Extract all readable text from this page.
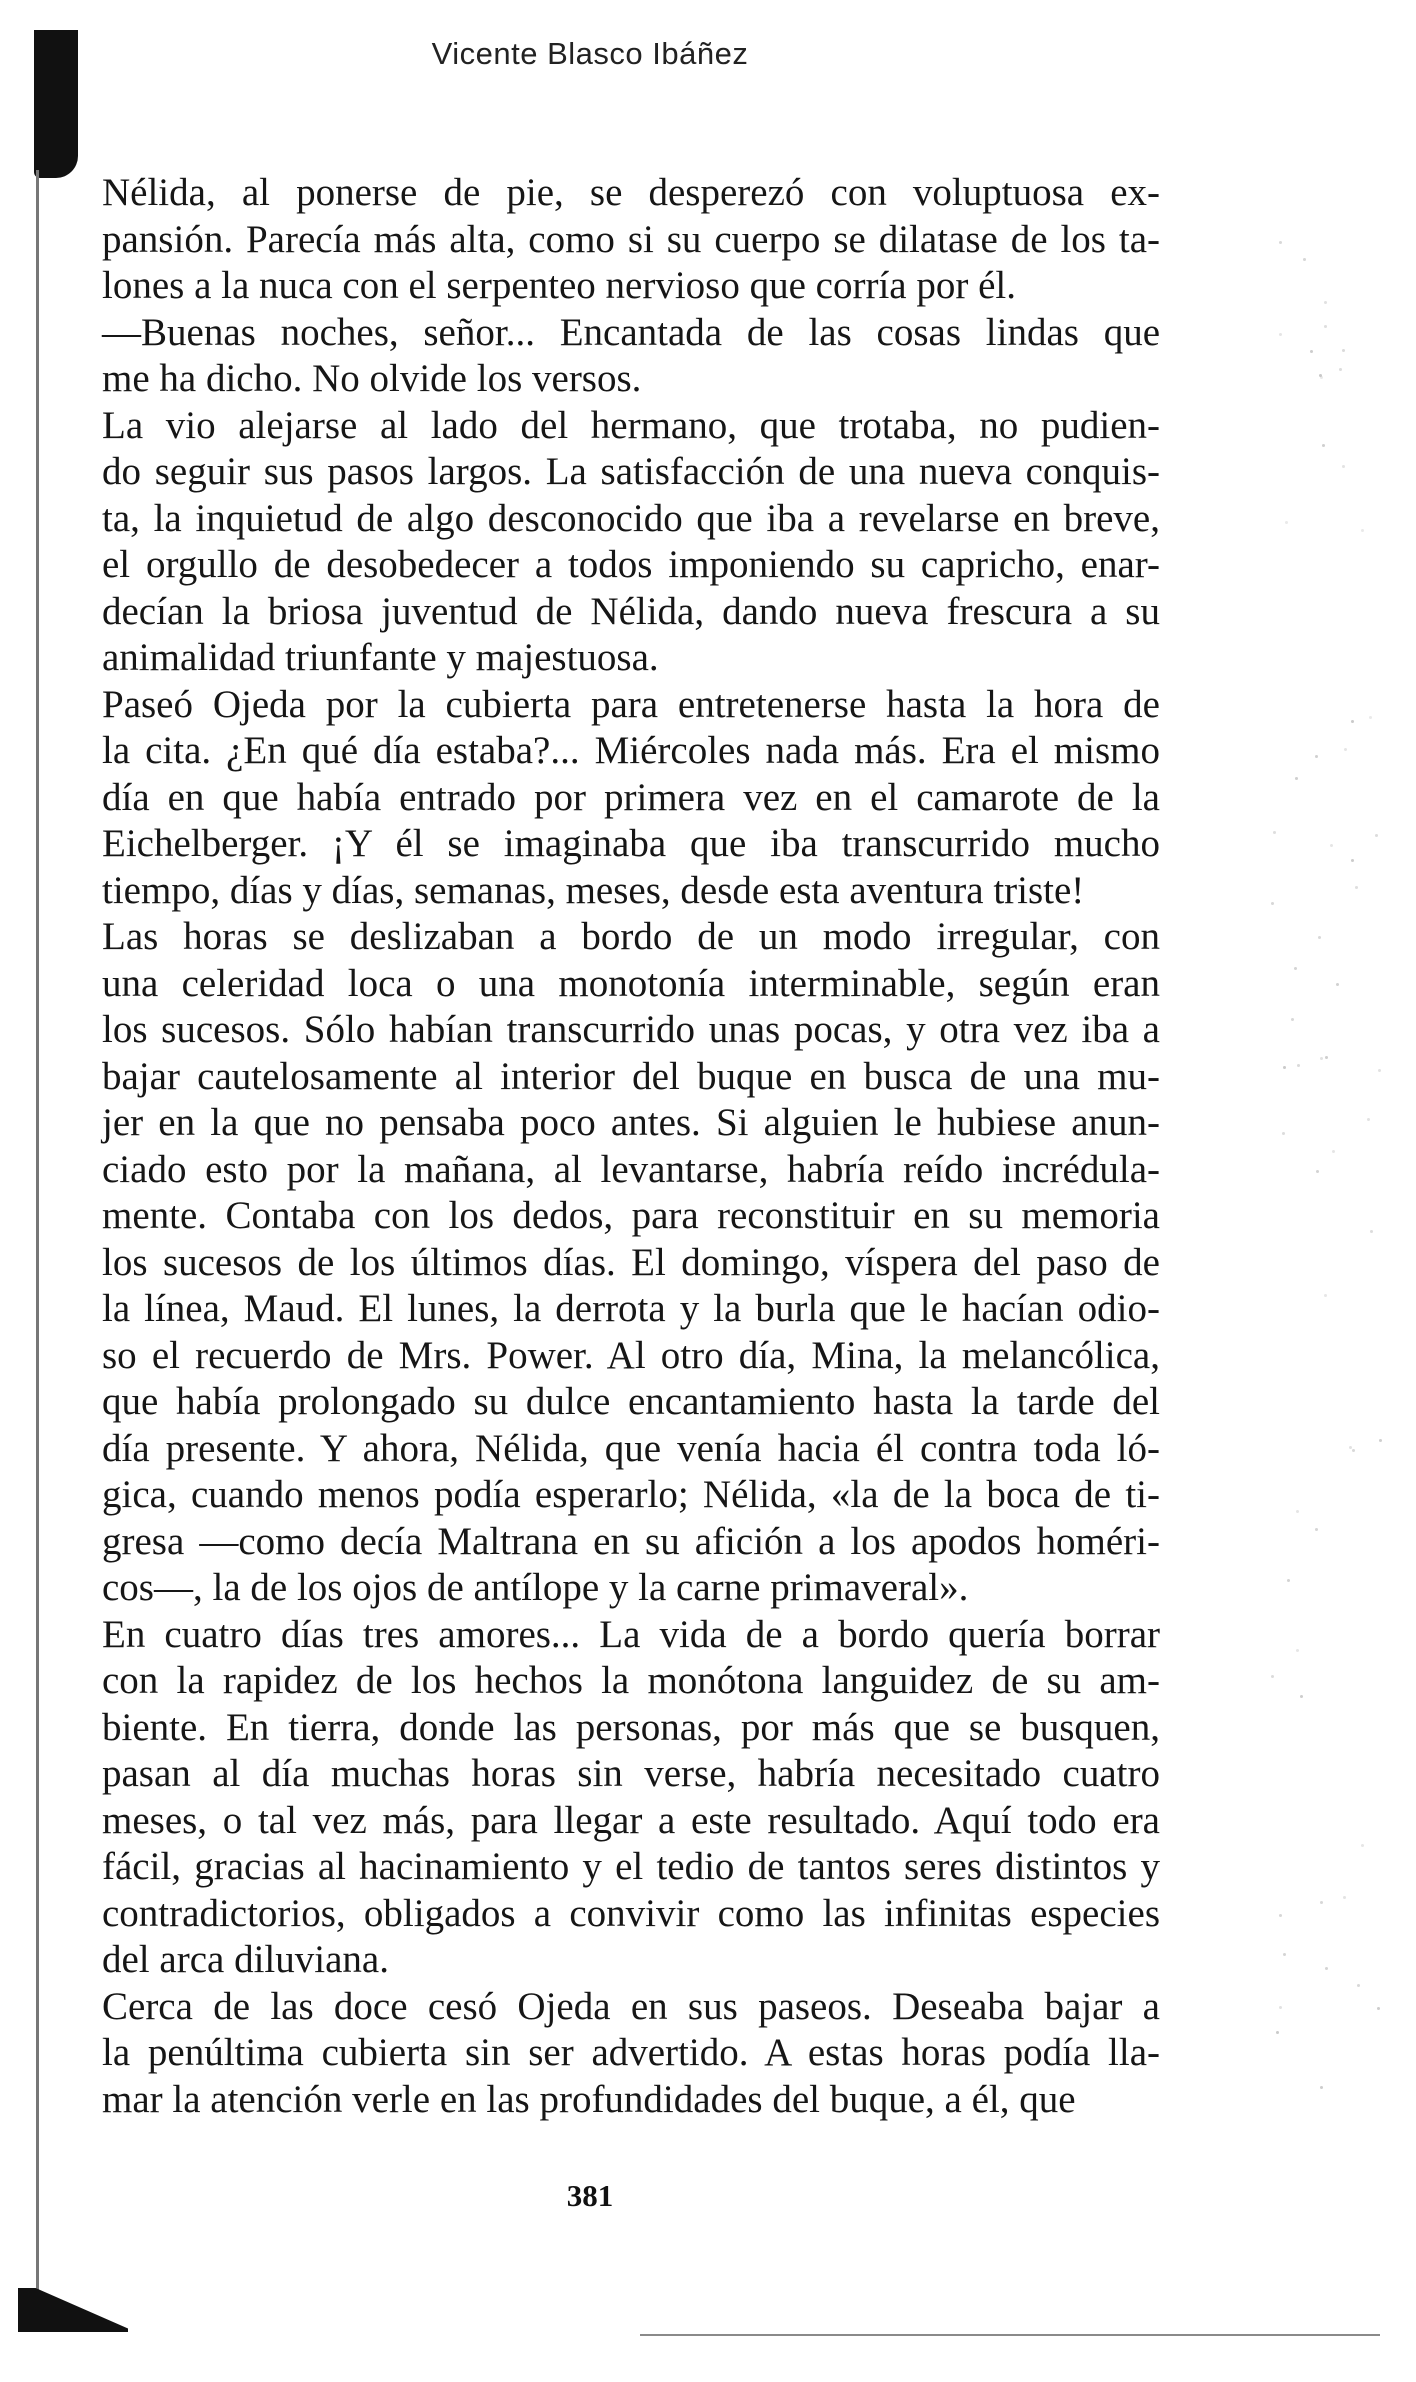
Vicente Blasco Ibáñez

Nélida, al ponerse de pie, se desperezó con voluptuosa ex-

pansión. Parecía más alta, como si su cuerpo se dilatase de los ta-

lones a la nuca con el serpenteo nervioso que corría por él.

—Buenas noches, señor... Encantada de las cosas lindas que

me ha dicho. No olvide los versos.

La vio alejarse al lado del hermano, que trotaba, no pudien-

do seguir sus pasos largos. La satisfacción de una nueva conquis-

ta, la inquietud de algo desconocido que iba a revelarse en breve,

el orgullo de desobedecer a todos imponiendo su capricho, enar-

decían la briosa juventud de Nélida, dando nueva frescura a su

animalidad triunfante y majestuosa.

Paseó Ojeda por la cubierta para entretenerse hasta la hora de

la cita. ¿En qué día estaba?... Miércoles nada más. Era el mismo

día en que había entrado por primera vez en el camarote de la

Eichelberger. ¡Y él se imaginaba que iba transcurrido mucho

tiempo, días y días, semanas, meses, desde esta aventura triste!

Las horas se deslizaban a bordo de un modo irregular, con

una celeridad loca o una monotonía interminable, según eran

los sucesos. Sólo habían transcurrido unas pocas, y otra vez iba a

bajar cautelosamente al interior del buque en busca de una mu-

jer en la que no pensaba poco antes. Si alguien le hubiese anun-

ciado esto por la mañana, al levantarse, habría reído incrédula-

mente. Contaba con los dedos, para reconstituir en su memoria

los sucesos de los últimos días. El domingo, víspera del paso de

la línea, Maud. El lunes, la derrota y la burla que le hacían odio-

so el recuerdo de Mrs. Power. Al otro día, Mina, la melancólica,

que había prolongado su dulce encantamiento hasta la tarde del

día presente. Y ahora, Nélida, que venía hacia él contra toda ló-

gica, cuando menos podía esperarlo; Nélida, «la de la boca de ti-

gresa —como decía Maltrana en su afición a los apodos homéri-

cos—, la de los ojos de antílope y la carne primaveral».

En cuatro días tres amores... La vida de a bordo quería borrar

con la rapidez de los hechos la monótona languidez de su am-

biente. En tierra, donde las personas, por más que se busquen,

pasan al día muchas horas sin verse, habría necesitado cuatro

meses, o tal vez más, para llegar a este resultado. Aquí todo era

fácil, gracias al hacinamiento y el tedio de tantos seres distintos y

contradictorios, obligados a convivir como las infinitas especies

del arca diluviana.

Cerca de las doce cesó Ojeda en sus paseos. Deseaba bajar a

la penúltima cubierta sin ser advertido. A estas horas podía lla-

mar la atención verle en las profundidades del buque, a él, que

381
